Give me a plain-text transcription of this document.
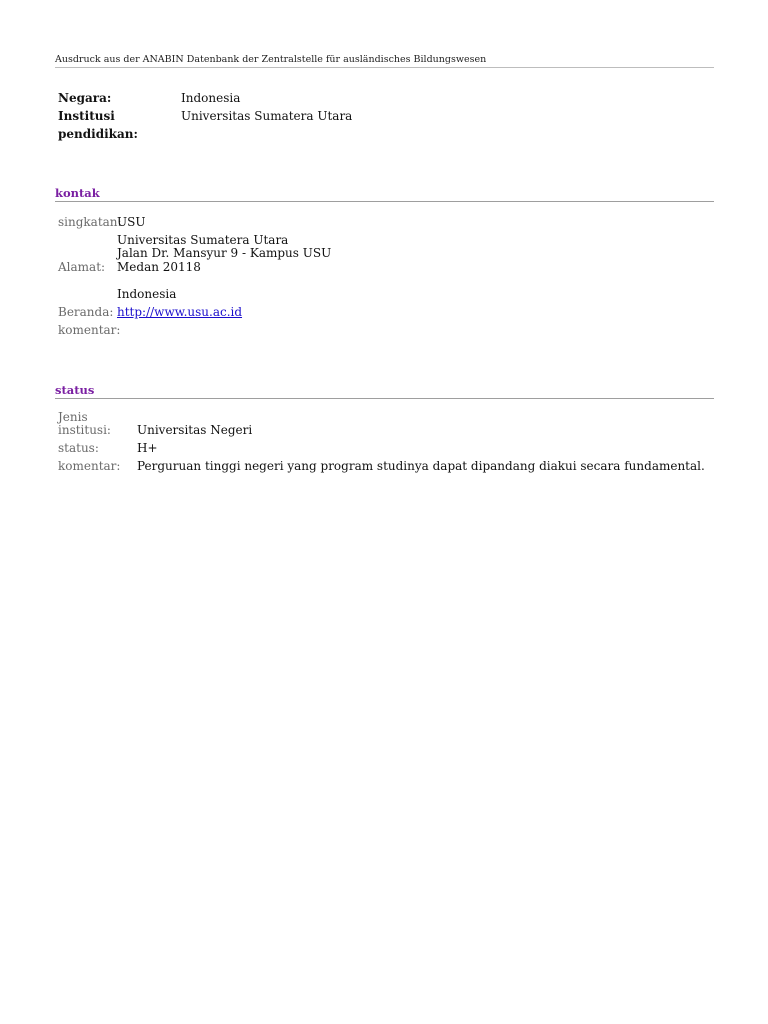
Ausdruck aus der ANABIN Datenbank der Zentralstelle für ausländisches Bildungswesen
Negara:	Indonesia
Institusi pendidikan:
Universitas Sumatera Utara
kontak
singkatan:
USU
Alamat:
Universitas Sumatera Utara
Jalan Dr. Mansyur 9 - Kampus USU
Medan 20118
Indonesia
Beranda: http://www.usu.ac.id
komentar:
status
Jenis institusi:	Universitas Negeri
status:	H+
komentar:	Perguruan tinggi negeri yang program studinya dapat dipandang diakui secara fundamental.
